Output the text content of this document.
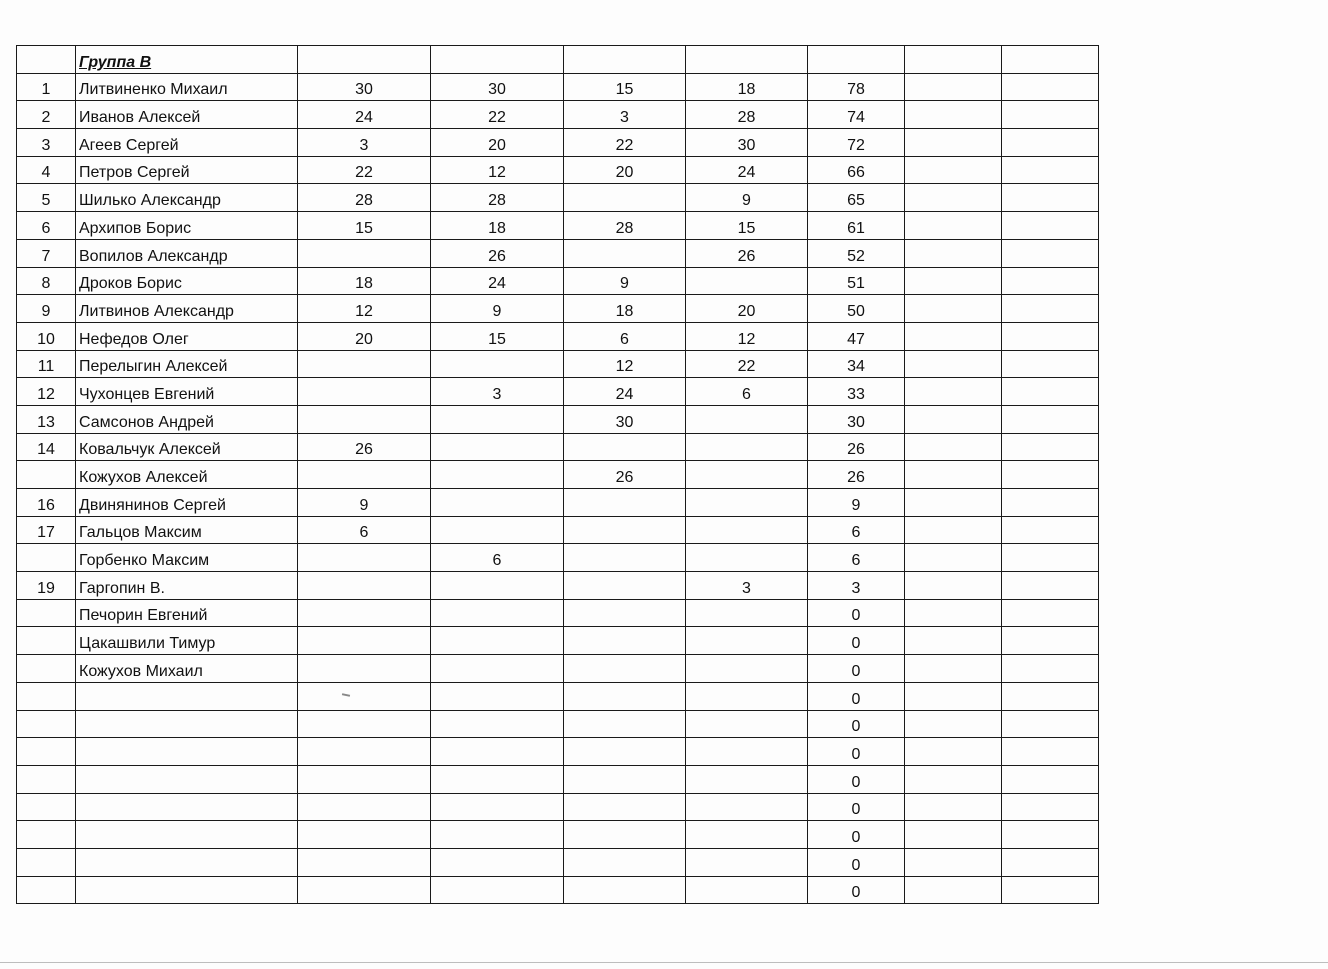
	Группа В							
1	Литвиненко Михаил	30	30	15	18	78		
2	Иванов Алексей	24	22	3	28	74		
3	Агеев Сергей	3	20	22	30	72		
4	Петров Сергей	22	12	20	24	66		
5	Шилько Александр	28	28		9	65		
6	Архипов Борис	15	18	28	15	61		
7	Вопилов Александр		26		26	52		
8	Дроков Борис	18	24	9		51		
9	Литвинов Александр	12	9	18	20	50		
10	Нефедов Олег	20	15	6	12	47		
11	Перелыгин Алексей			12	22	34		
12	Чухонцев Евгений		3	24	6	33		
13	Самсонов Андрей			30		30		
14	Ковальчук Алексей	26				26		
	Кожухов Алексей			26		26		
16	Двинянинов Сергей	9				9		
17	Гальцов Максим	6				6		
	Горбенко Максим		6			6		
19	Гаргопин В.				3	3		
	Печорин Евгений					0		
	Цакашвили Тимур					0		
	Кожухов Михаил					0		
						0		
						0		
						0		
						0		
						0		
						0		
						0		
						0		
